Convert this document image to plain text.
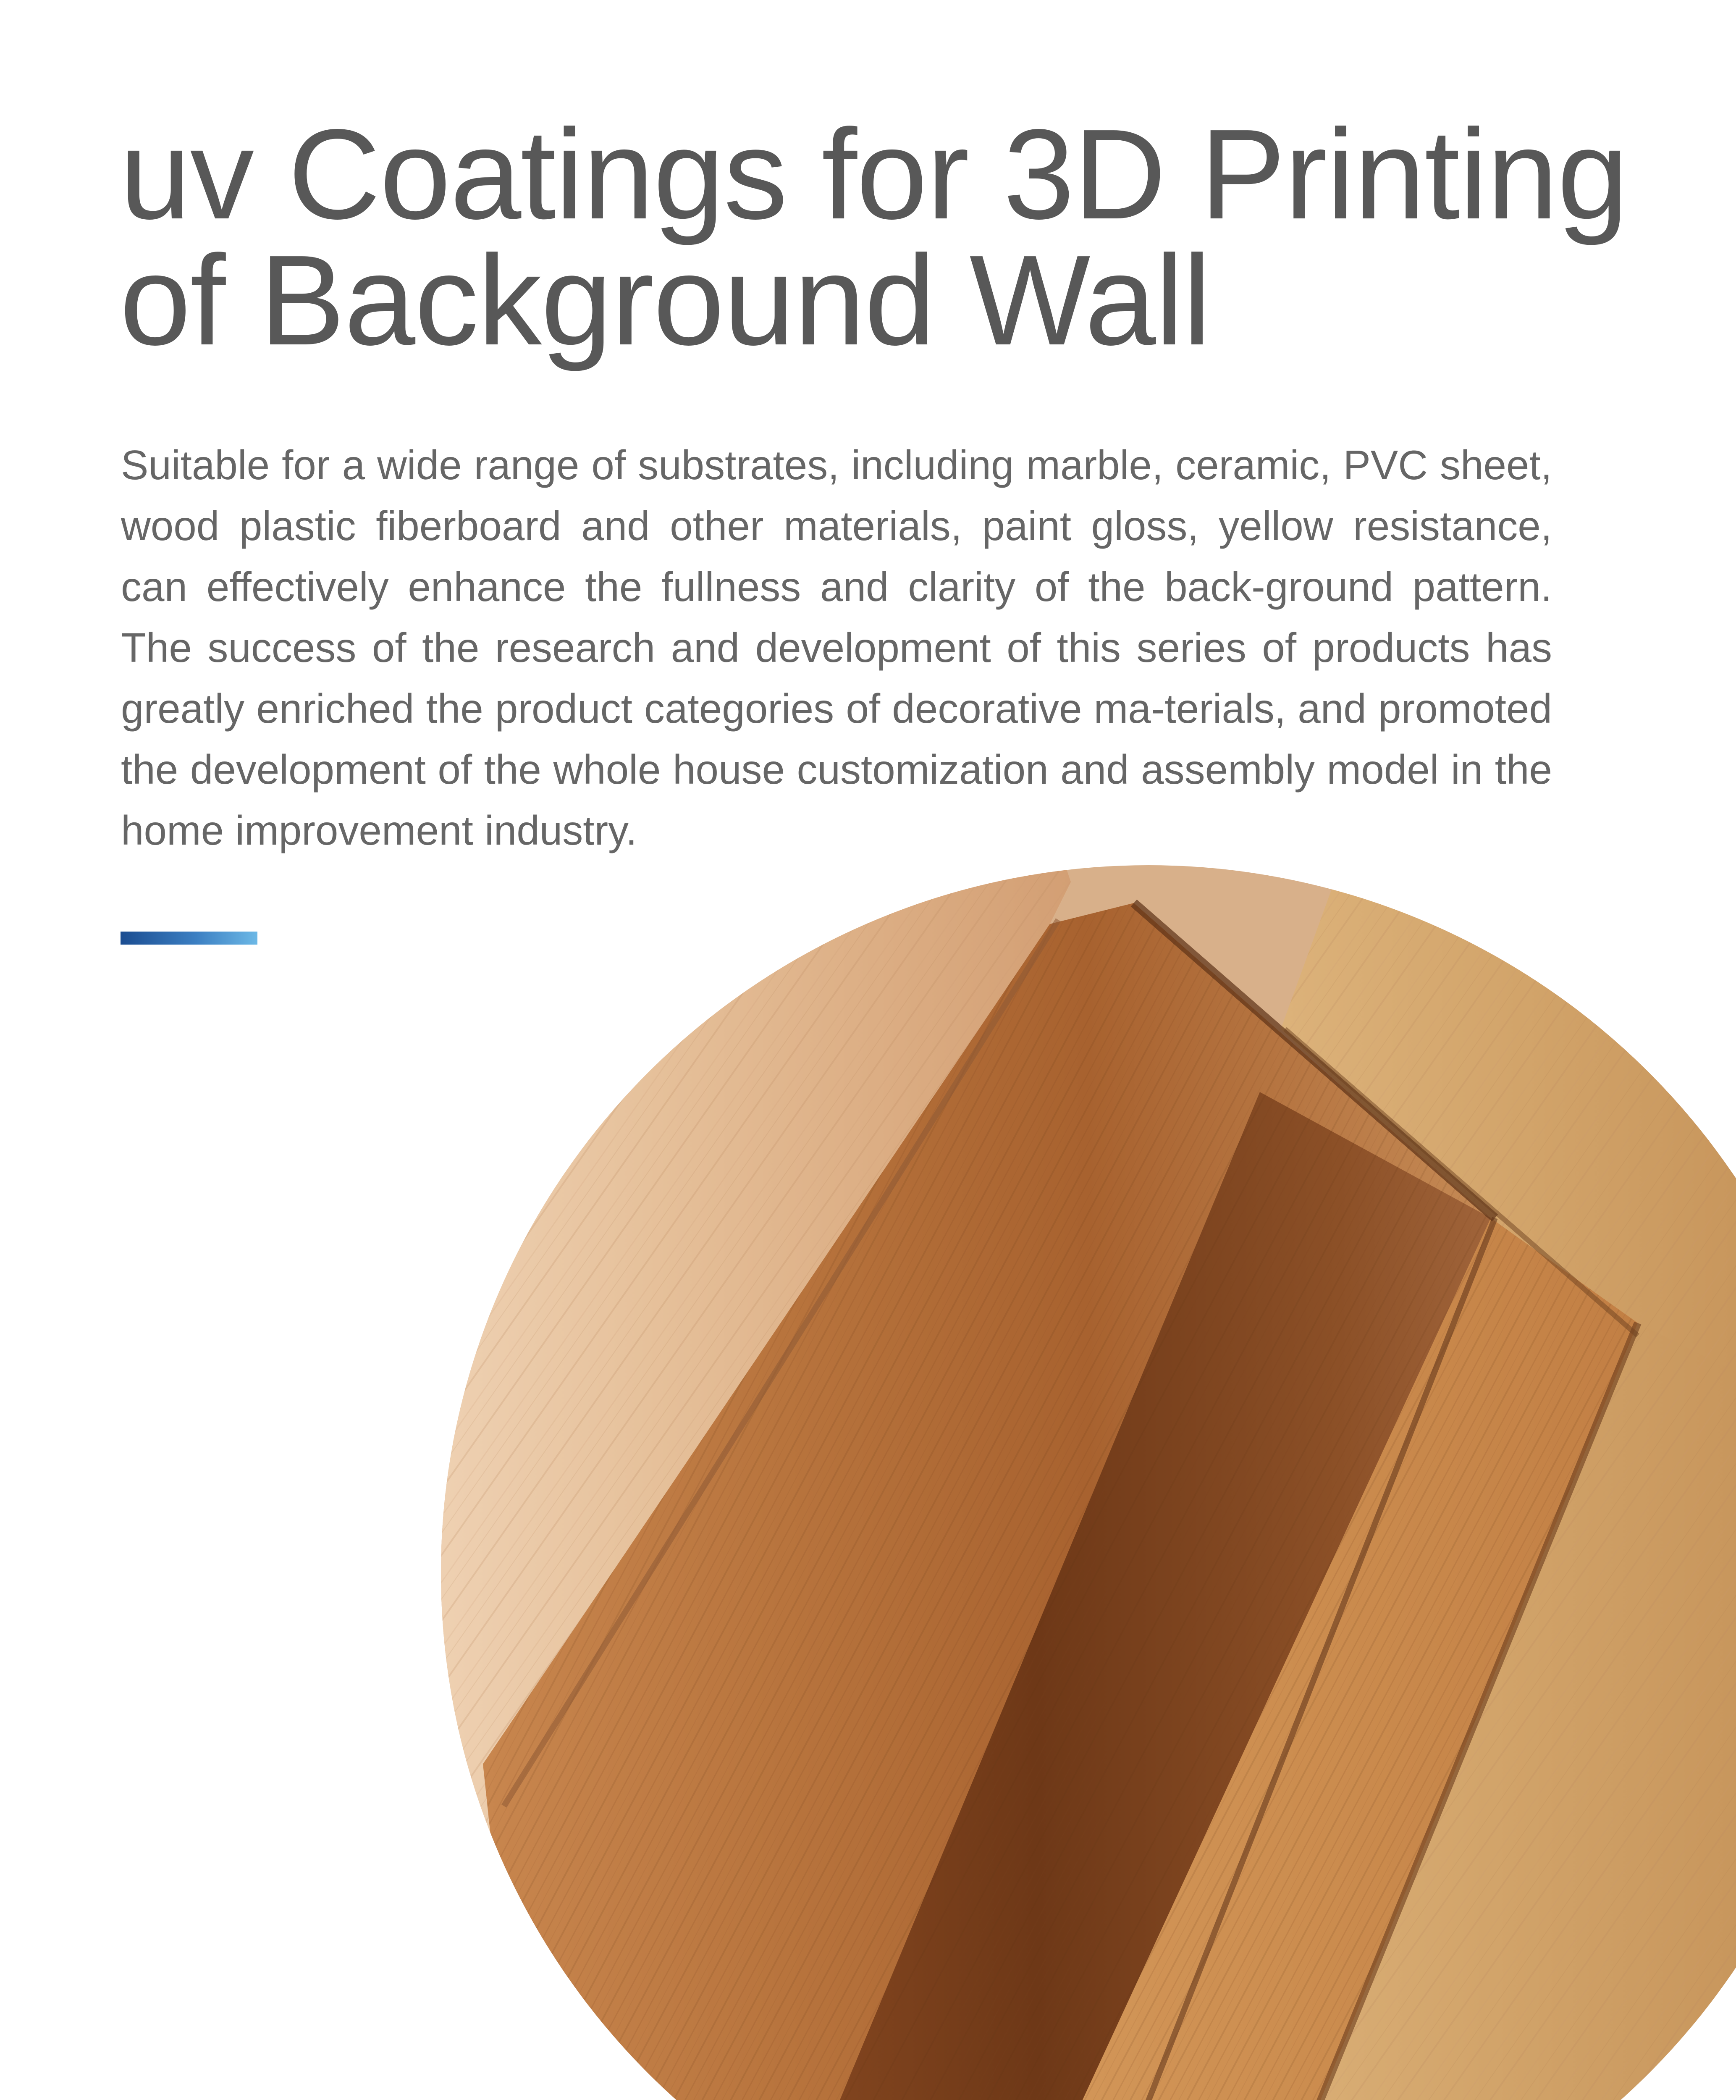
uv Coatings for 3D Printing of Background Wall

Suitable for a wide range of substrates, including marble, ceramic, PVC sheet, wood plastic fiberboard and other materials, paint gloss, yellow resistance, can effectively enhance the fullness and clarity of the back-ground pattern. The success of the research and development of this series of products has greatly enriched the product categories of decorative ma-terials, and promoted the development of the whole house customization and assembly model in the home improvement industry.
